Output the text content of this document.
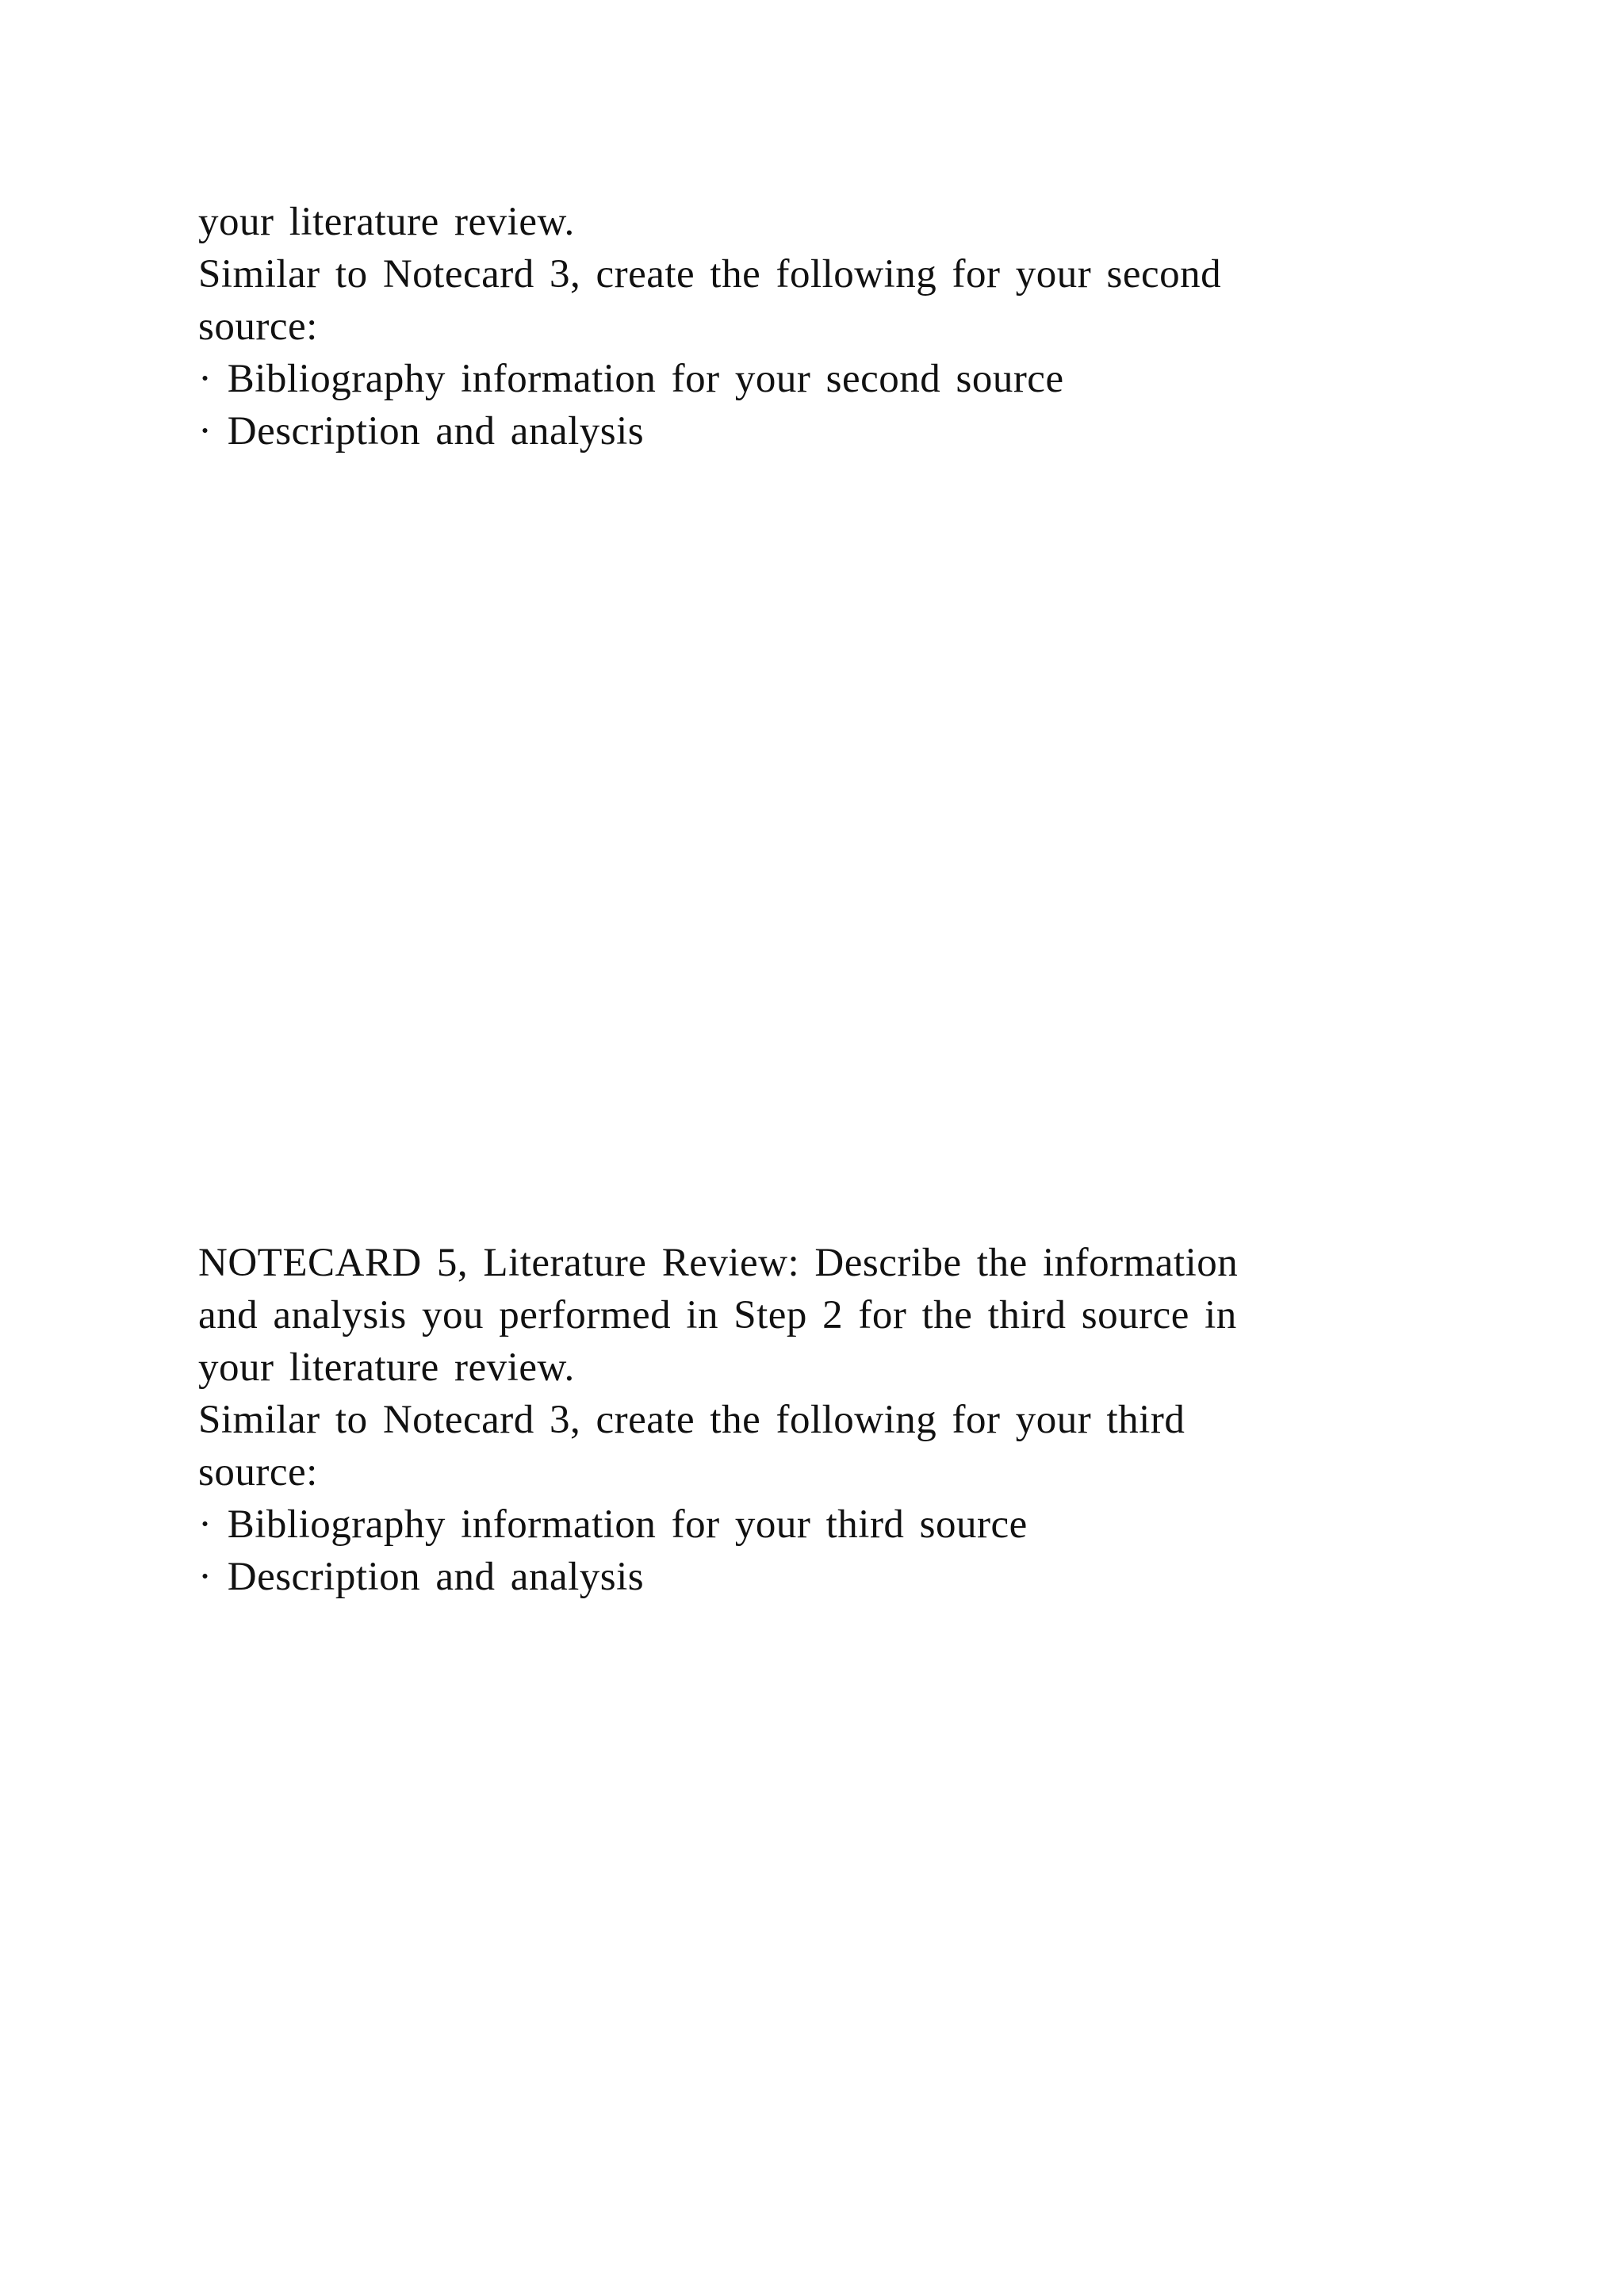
your literature review.
Similar to Notecard 3, create the following for your second
source:
· Bibliography information for your second source
· Description and analysis
NOTECARD 5, Literature Review: Describe the information
and analysis you performed in Step 2 for the third source in
your literature review.
Similar to Notecard 3, create the following for your third
source:
· Bibliography information for your third source
· Description and analysis
